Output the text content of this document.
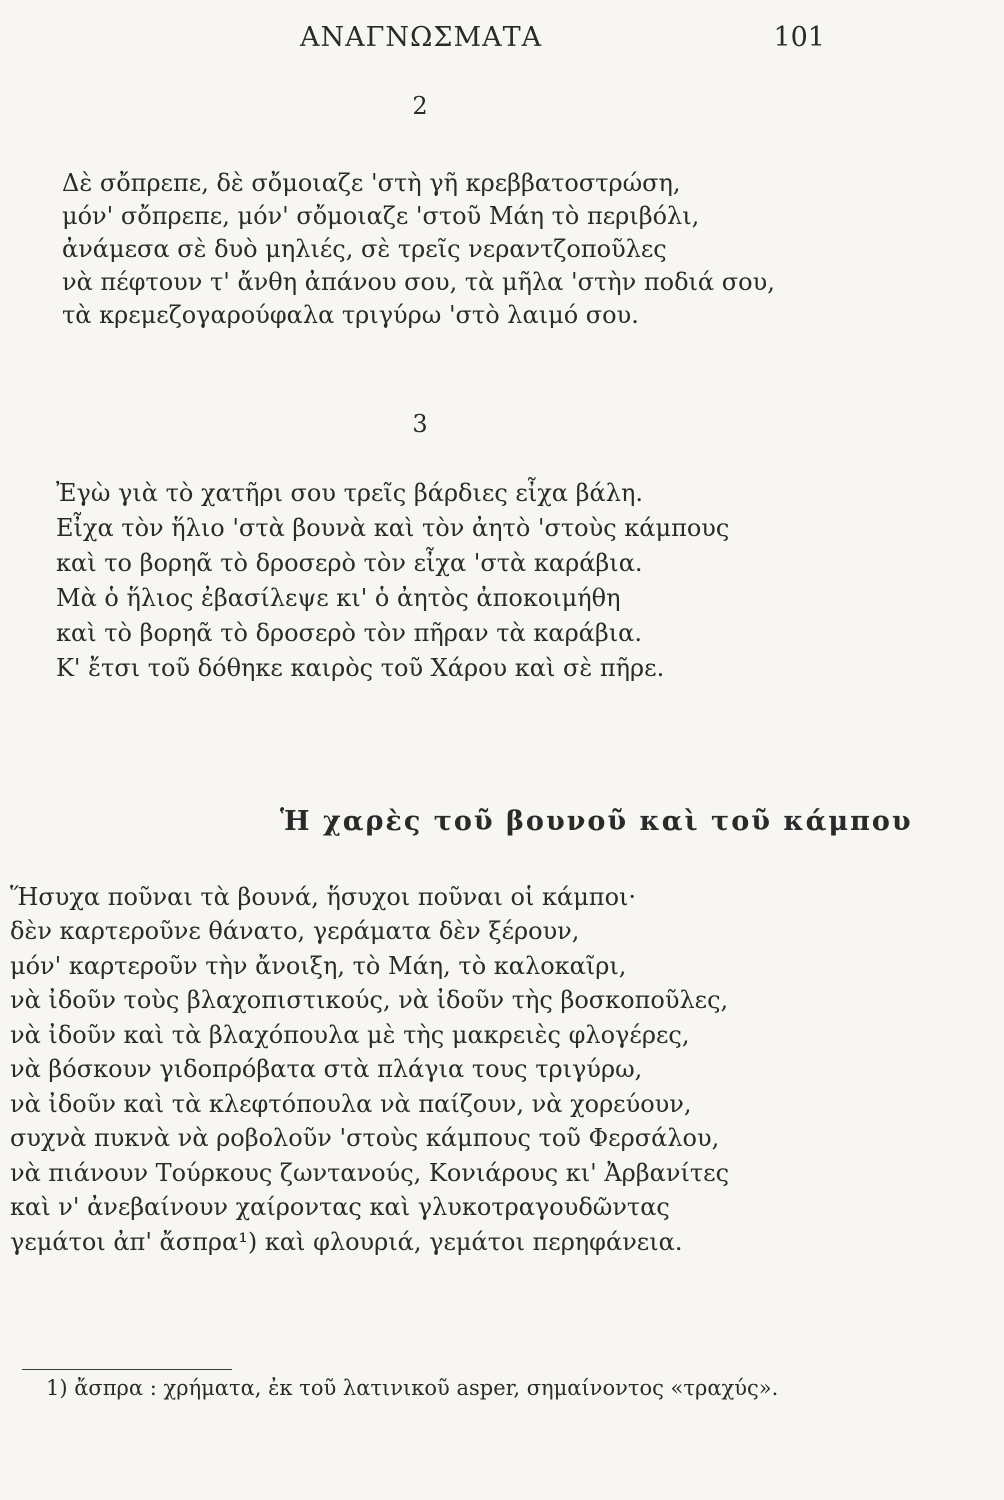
ΑΝΑΓΝΩΣΜΑΤΑ	101
2
Δὲ σὄπρεπε, δὲ σὄμοιαζε 'στὴ γῆ κρεββατοστρώση,
μόν' σὄπρεπε, μόν' σὄμοιαζε 'στοῦ Μάη τὸ περιβόλι,
ἀνάμεσα σὲ δυὸ μηλιές, σὲ τρεῖς νεραντζοποῦλες
νὰ πέφτουν τ' ἄνθη ἀπάνου σου, τὰ μῆλα 'στὴν ποδιά σου,
τὰ κρεμεζογαρούφαλα τριγύρω 'στὸ λαιμό σου.
3
Ἐγὼ γιὰ τὸ χατῆρι σου τρεῖς βάρδιες εἶχα βάλη.
Εἶχα τὸν ἥλιο 'στὰ βουνὰ καὶ τὸν ἀητὸ 'στοὺς κάμπους
καὶ το βορηᾶ τὸ δροσερὸ τὸν εἶχα 'στὰ καράβια.
Μὰ ὁ ἥλιος ἐβασίλεψε κι' ὁ ἀητὸς ἀποκοιμήθη
καὶ τὸ βορηᾶ τὸ δροσερὸ τὸν πῆραν τὰ καράβια.
Κ' ἔτσι τοῦ δόθηκε καιρὸς τοῦ Χάρου καὶ σὲ πῆρε.
Ἡ χαρὲς τοῦ βουνοῦ καὶ τοῦ κάμπου
Ἥσυχα ποῦναι τὰ βουνά, ἥσυχοι ποῦναι οἱ κάμποι·
δὲν καρτεροῦνε θάνατο, γεράματα δὲν ξέρουν,
μόν' καρτεροῦν τὴν ἄνοιξη, τὸ Μάη, τὸ καλοκαῖρι,
νὰ ἰδοῦν τοὺς βλαχοπιστικούς, νὰ ἰδοῦν τὴς βοσκοποῦλες,
νὰ ἰδοῦν καὶ τὰ βλαχόπουλα μὲ τὴς μακρειὲς φλογέρες,
νὰ βόσκουν γιδοπρόβατα στὰ πλάγια τους τριγύρω,
νὰ ἰδοῦν καὶ τὰ κλεφτόπουλα νὰ παίζουν, νὰ χορεύουν,
συχνὰ πυκνὰ νὰ ροβολοῦν 'στοὺς κάμπους τοῦ Φερσάλου,
νὰ πιάνουν Τούρκους ζωντανούς, Κονιάρους κι' Ἀρβανίτες
καὶ ν' ἀνεβαίνουν χαίροντας καὶ γλυκοτραγουδῶντας
γεμάτοι ἀπ' ἄσπρα¹) καὶ φλουριά, γεμάτοι περηφάνεια.
1) ἄσπρα : χρήματα, ἐκ τοῦ λατινικοῦ asper, σημαίνοντος «τραχύς».
